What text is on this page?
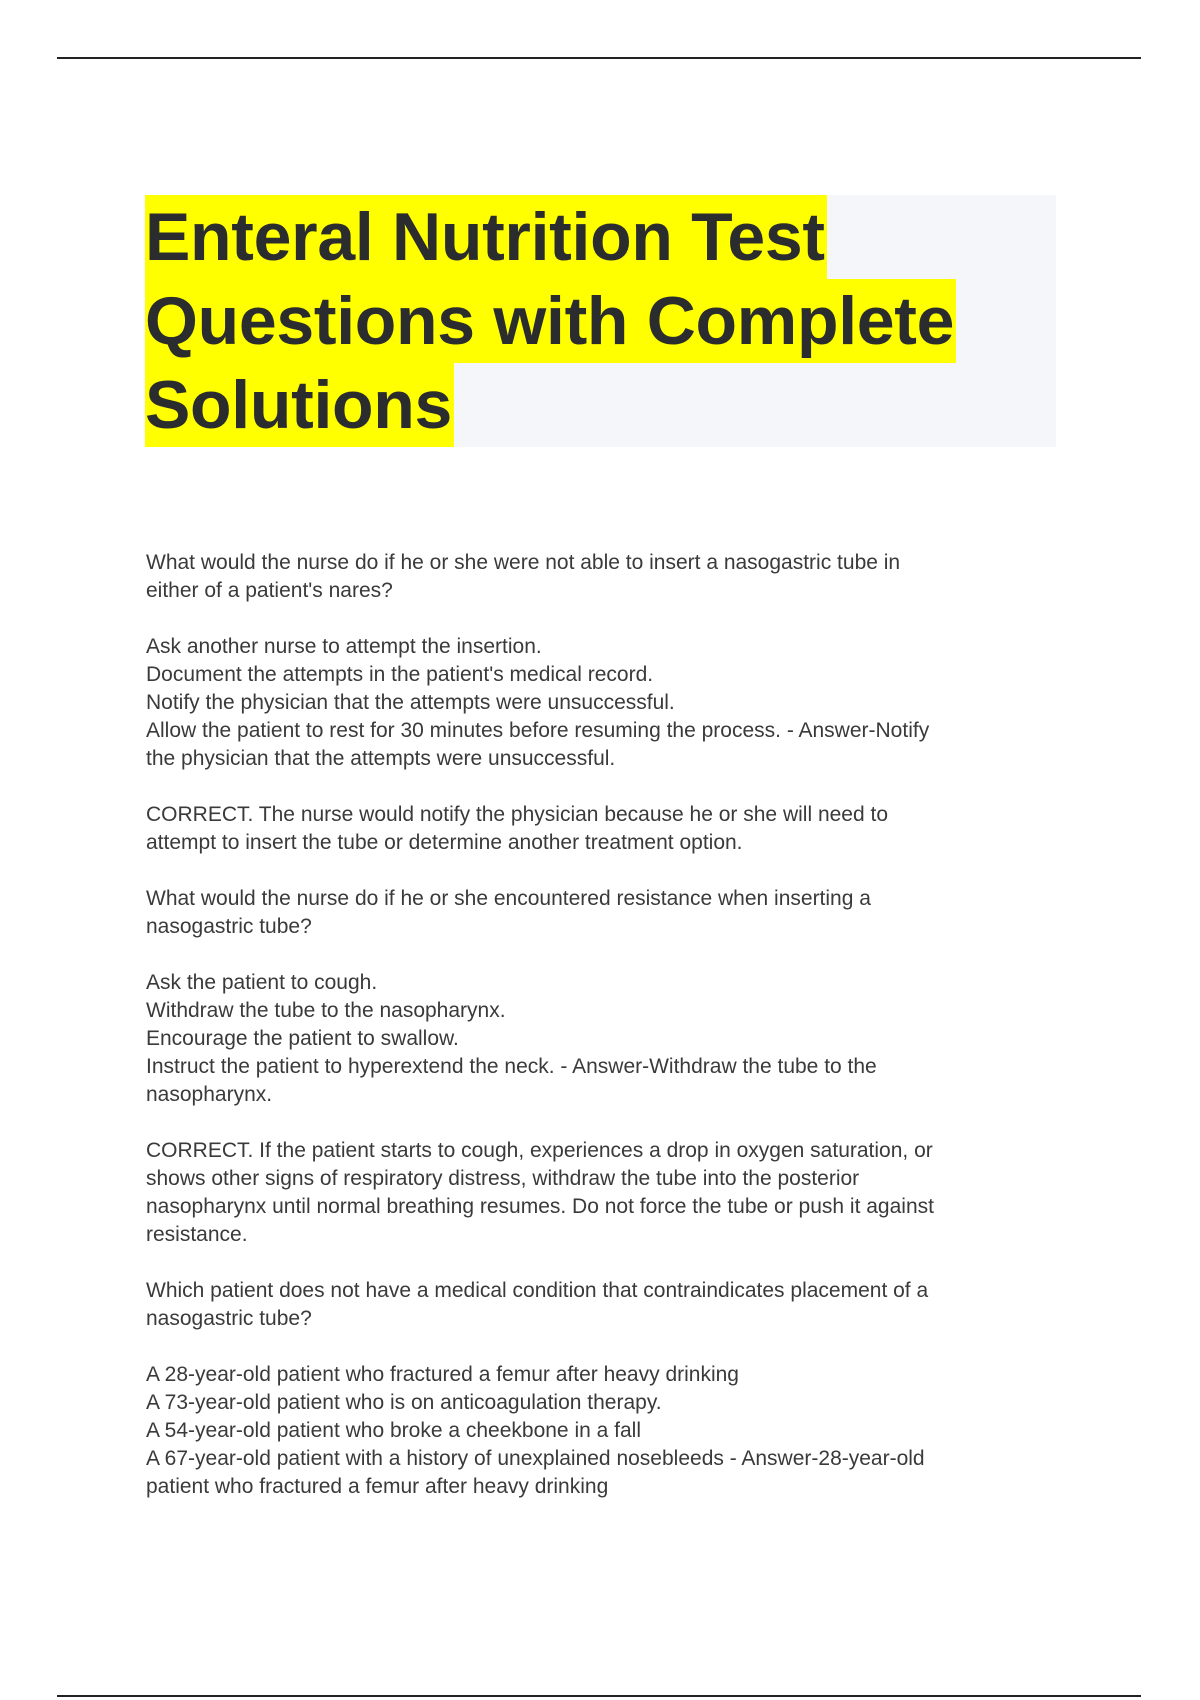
Enteral Nutrition Test
Questions with Complete
Solutions
What would the nurse do if he or she were not able to insert a nasogastric tube in
either of a patient's nares?
Ask another nurse to attempt the insertion.
Document the attempts in the patient's medical record.
Notify the physician that the attempts were unsuccessful.
Allow the patient to rest for 30 minutes before resuming the process. - Answer-Notify
the physician that the attempts were unsuccessful.
CORRECT. The nurse would notify the physician because he or she will need to
attempt to insert the tube or determine another treatment option.
What would the nurse do if he or she encountered resistance when inserting a
nasogastric tube?
Ask the patient to cough.
Withdraw the tube to the nasopharynx.
Encourage the patient to swallow.
Instruct the patient to hyperextend the neck. - Answer-Withdraw the tube to the
nasopharynx.
CORRECT. If the patient starts to cough, experiences a drop in oxygen saturation, or
shows other signs of respiratory distress, withdraw the tube into the posterior
nasopharynx until normal breathing resumes. Do not force the tube or push it against
resistance.
Which patient does not have a medical condition that contraindicates placement of a
nasogastric tube?
A 28-year-old patient who fractured a femur after heavy drinking
A 73-year-old patient who is on anticoagulation therapy.
A 54-year-old patient who broke a cheekbone in a fall
A 67-year-old patient with a history of unexplained nosebleeds - Answer-28-year-old
patient who fractured a femur after heavy drinking
